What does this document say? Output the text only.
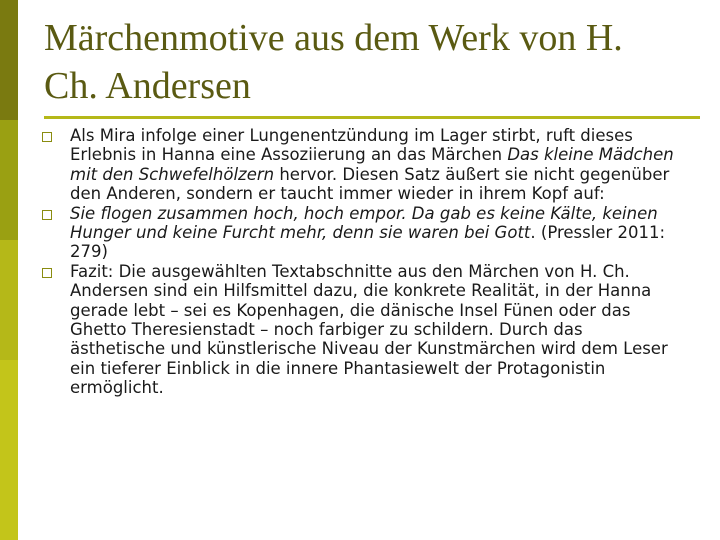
Märchenmotive aus dem Werk von H. Ch. Andersen
Als Mira infolge einer Lungenentzündung im Lager stirbt, ruft dieses Erlebnis in Hanna eine Assoziierung an das Märchen Das kleine Mädchen mit den Schwefelhölzern hervor. Diesen Satz äußert sie nicht gegenüber den Anderen, sondern er taucht immer wieder in ihrem Kopf auf:
Sie flogen zusammen hoch, hoch empor. Da gab es keine Kälte, keinen Hunger und keine Furcht mehr, denn sie waren bei Gott. (Pressler 2011: 279)
Fazit: Die ausgewählten Textabschnitte aus den Märchen von H. Ch. Andersen sind ein Hilfsmittel dazu, die konkrete Realität, in der Hanna gerade lebt – sei es Kopenhagen, die dänische Insel Fünen oder das Ghetto Theresienstadt – noch farbiger zu schildern. Durch das ästhetische und künstlerische Niveau der Kunstmärchen wird dem Leser ein tieferer Einblick in die innere Phantasiewelt der Protagonistin ermöglicht.
